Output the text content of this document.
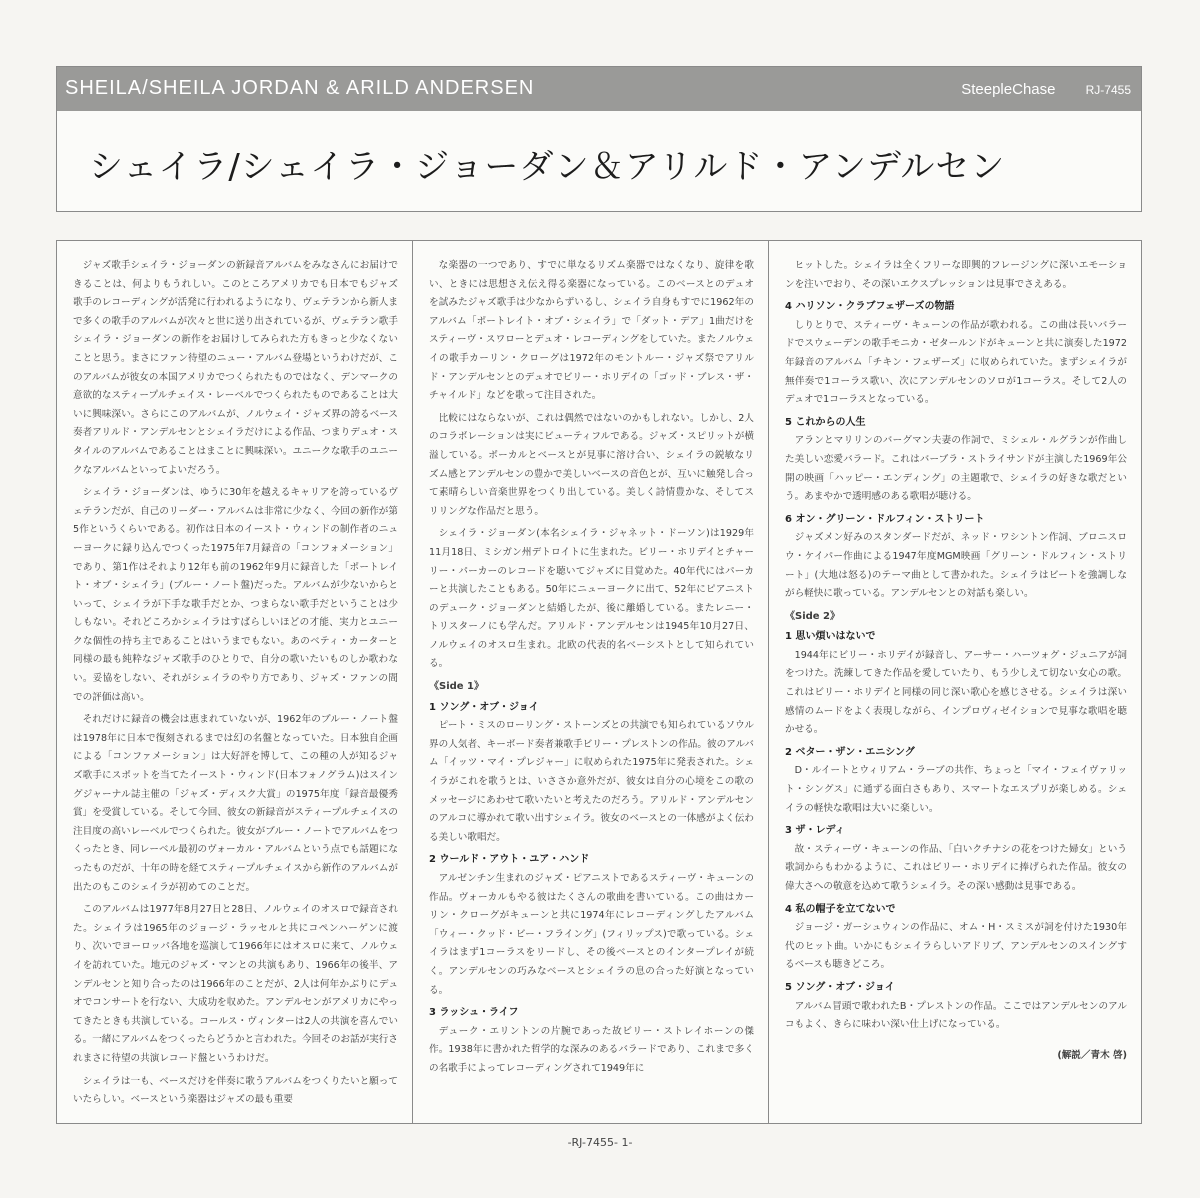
SHEILA/SHEILA JORDAN & ARILD ANDERSEN	SteepleChase	RJ-7455
シェイラ/シェイラ・ジョーダン＆アリルド・アンデルセン

ジャズ歌手シェイラ・ジョーダンの新録音アルバムをみなさんにお届けできることは、何よりもうれしい。このところアメリカでも日本でもジャズ歌手のレコーディングが活発に行われるようになり、ヴェテランから新人まで多くの歌手のアルバムが次々と世に送り出されているが、ヴェテラン歌手シェイラ・ジョーダンの新作をお届けしてみられた方もきっと少なくないことと思う。まさにファン待望のニュー・アルバム登場というわけだが、このアルバムが彼女の本国アメリカでつくられたものではなく、デンマークの意欲的なスティープルチェイス・レーベルでつくられたものであることは大いに興味深い。さらにこのアルバムが、ノルウェイ・ジャズ界の誇るベース奏者アリルド・アンデルセンとシェイラだけによる作品、つまりデュオ・スタイルのアルバムであることはまことに興味深い。ユニークな歌手のユニークなアルバムといってよいだろう。

シェイラ・ジョーダンは、ゆうに30年を越えるキャリアを誇っているヴェテランだが、自己のリーダー・アルバムは非常に少なく、今回の新作が第5作というくらいである。初作は日本のイースト・ウィンドの制作者のニューヨークに録り込んでつくった1975年7月録音の「コンフォメーション」であり、第1作はそれより12年も前の1962年9月に録音した「ポートレイト・オブ・シェイラ」(ブルー・ノート盤)だった。アルバムが少ないからといって、シェイラが下手な歌手だとか、つまらない歌手だということは少しもない。それどころかシェイラはすばらしいほどの才能、実力とユニークな個性の持ち主であることはいうまでもない。あのベティ・カーターと同様の最も純粋なジャズ歌手のひとりで、自分の歌いたいものしか歌わない。妥協をしない、それがシェイラのやり方であり、ジャズ・ファンの間での評価は高い。

それだけに録音の機会は恵まれていないが、1962年のブルー・ノート盤は1978年に日本で復刻されるまでは幻の名盤となっていた。日本独自企画による「コンファメーション」は大好評を博して、この種の人が知るジャズ歌手にスポットを当てたイースト・ウィンド(日本フォノグラム)はスイングジャーナル誌主催の「ジャズ・ディスク大賞」の1975年度「録音最優秀賞」を受賞している。そして今回、彼女の新録音がスティープルチェイスの注目度の高いレーベルでつくられた。彼女がブルー・ノートでアルバムをつくったとき、同レーベル最初のヴォーカル・アルバムという点でも話題になったものだが、十年の時を経てスティープルチェイスから新作のアルバムが出たのもこのシェイラが初めてのことだ。

このアルバムは1977年8月27日と28日、ノルウェイのオスロで録音された。シェイラは1965年のジョージ・ラッセルと共にコペンハーゲンに渡り、次いでヨーロッパ各地を巡演して1966年にはオスロに来て、ノルウェイを訪れていた。地元のジャズ・マンとの共演もあり、1966年の後半、アンデルセンと知り合ったのは1966年のことだが、2人は何年かぶりにデュオでコンサートを行ない、大成功を収めた。アンデルセンがアメリカにやってきたときも共演している。コールス・ヴィンターは2人の共演を喜んでいる。一緒にアルバムをつくったらどうかと言われた。今回そのお話が実行されまさに待望の共演レコード盤というわけだ。

シェイラは一も、ベースだけを伴奏に歌うアルバムをつくりたいと願っていたらしい。ベースという楽器はジャズの最も重要

な楽器の一つであり、すでに単なるリズム楽器ではなくなり、旋律を歌い、ときには思想さえ伝え得る楽器になっている。このベースとのデュオを試みたジャズ歌手は少なからずいるし、シェイラ自身もすでに1962年のアルバム「ポートレイト・オブ・シェイラ」で「ダット・デア」1曲だけをスティーヴ・スワローとデュオ・レコーディングをしていた。またノルウェイの歌手カーリン・クローグは1972年のモントルー・ジャズ祭でアリルド・アンデルセンとのデュオでビリー・ホリデイの「ゴッド・ブレス・ザ・チャイルド」などを歌って注目された。

比較にはならないが、これは偶然ではないのかもしれない。しかし、2人のコラボレーションは実にビューティフルである。ジャズ・スピリットが横溢している。ボーカルとベースとが見事に溶け合い、シェイラの鋭敏なリズム感とアンデルセンの豊かで美しいベースの音色とが、互いに触発し合って素晴らしい音楽世界をつくり出している。美しく詩情豊かな、そしてスリリングな作品だと思う。

シェイラ・ジョーダン(本名シェイラ・ジャネット・ドーソン)は1929年11月18日、ミシガン州デトロイトに生まれた。ビリー・ホリデイとチャーリー・パーカーのレコードを聴いてジャズに目覚めた。40年代にはパーカーと共演したこともある。50年にニューヨークに出て、52年にピアニストのデューク・ジョーダンと結婚したが、後に離婚している。またレニー・トリスターノにも学んだ。アリルド・アンデルセンは1945年10月27日、ノルウェイのオスロ生まれ。北欧の代表的名ベーシストとして知られている。

《Side 1》
1 ソング・オブ・ジョイ

ピート・ミスのローリング・ストーンズとの共演でも知られているソウル界の人気者、キーボード奏者兼歌手ビリー・プレストンの作品。彼のアルバム「イッツ・マイ・プレジャー」に収められた1975年に発表された。シェイラがこれを歌うとは、いささか意外だが、彼女は自分の心境をこの歌のメッセージにあわせて歌いたいと考えたのだろう。アリルド・アンデルセンのアルコに導かれて歌い出すシェイラ。彼女のベースとの一体感がよく伝わる美しい歌唱だ。

2 ウールド・アウト・ユア・ハンド

アルゼンチン生まれのジャズ・ピアニストであるスティーヴ・キューンの作品。ヴォーカルもやる彼はたくさんの歌曲を書いている。この曲はカーリン・クローグがキューンと共に1974年にレコーディングしたアルバム「ウィー・クッド・ビー・フライング」(フィリップス)で歌っている。シェイラはまず1コーラスをリードし、その後ベースとのインタープレイが続く。アンデルセンの巧みなベースとシェイラの息の合った好演となっている。

3 ラッシュ・ライフ

デューク・エリントンの片腕であった故ビリー・ストレイホーンの傑作。1938年に書かれた哲学的な深みのあるバラードであり、これまで多くの名歌手によってレコーディングされて1949年に

ヒットした。シェイラは全くフリーな即興的フレージングに深いエモーションを注いでおり、その深いエクスプレッションは見事でさえある。

4 ハリソン・クラブフェザーズの物語

しりとりで、スティーヴ・キューンの作品が歌われる。この曲は長いバラードでスウェーデンの歌手モニカ・ゼタールンドがキューンと共に演奏した1972年録音のアルバム「チキン・フェザーズ」に収められていた。まずシェイラが無伴奏で1コーラス歌い、次にアンデルセンのソロが1コーラス。そして2人のデュオで1コーラスとなっている。

5 これからの人生

アランとマリリンのバーグマン夫妻の作詞で、ミシェル・ルグランが作曲した美しい恋愛バラード。これはバーブラ・ストライサンドが主演した1969年公開の映画「ハッピー・エンディング」の主題歌で、シェイラの好きな歌だという。あまやかで透明感のある歌唱が聴ける。

6 オン・グリーン・ドルフィン・ストリート

ジャズメン好みのスタンダードだが、ネッド・ワシントン作詞、ブロニスロウ・ケイパー作曲による1947年度MGM映画「グリーン・ドルフィン・ストリート」(大地は怒る)のテーマ曲として書かれた。シェイラはビートを強調しながら軽快に歌っている。アンデルセンとの対話も楽しい。

《Side 2》
1 思い煩いはないで

1944年にビリー・ホリデイが録音し、アーサー・ハーツォグ・ジュニアが詞をつけた。洗練してきた作品を愛していたり、もう少しえて切ない女心の歌。これはビリー・ホリデイと同様の同じ深い歌心を感じさせる。シェイラは深い感情のムードをよく表現しながら、インプロヴィゼイションで見事な歌唱を聴かせる。

2 ベター・ザン・エニシング

D・ルイートとウィリアム・ラーブの共作、ちょっと「マイ・フェイヴァリット・シングス」に通ずる面白さもあり、スマートなエスプリが楽しめる。シェイラの軽快な歌唱は大いに楽しい。

3 ザ・レディ

故・スティーヴ・キューンの作品、「白いクチナシの花をつけた婦女」という歌詞からもわかるように、これはビリー・ホリデイに捧げられた作品。彼女の偉大さへの敬意を込めて歌うシェイラ。その深い感動は見事である。

4 私の帽子を立てないで

ジョージ・ガーシュウィンの作品に、オム・H・スミスが詞を付けた1930年代のヒット曲。いかにもシェイラらしいアドリブ、アンデルセンのスイングするベースも聴きどころ。

5 ソング・オブ・ジョイ

アルバム冒頭で歌われたB・プレストンの作品。ここではアンデルセンのアルコもよく、きらに味わい深い仕上げになっている。

(解説／青木 啓)
-RJ-7455- 1-
